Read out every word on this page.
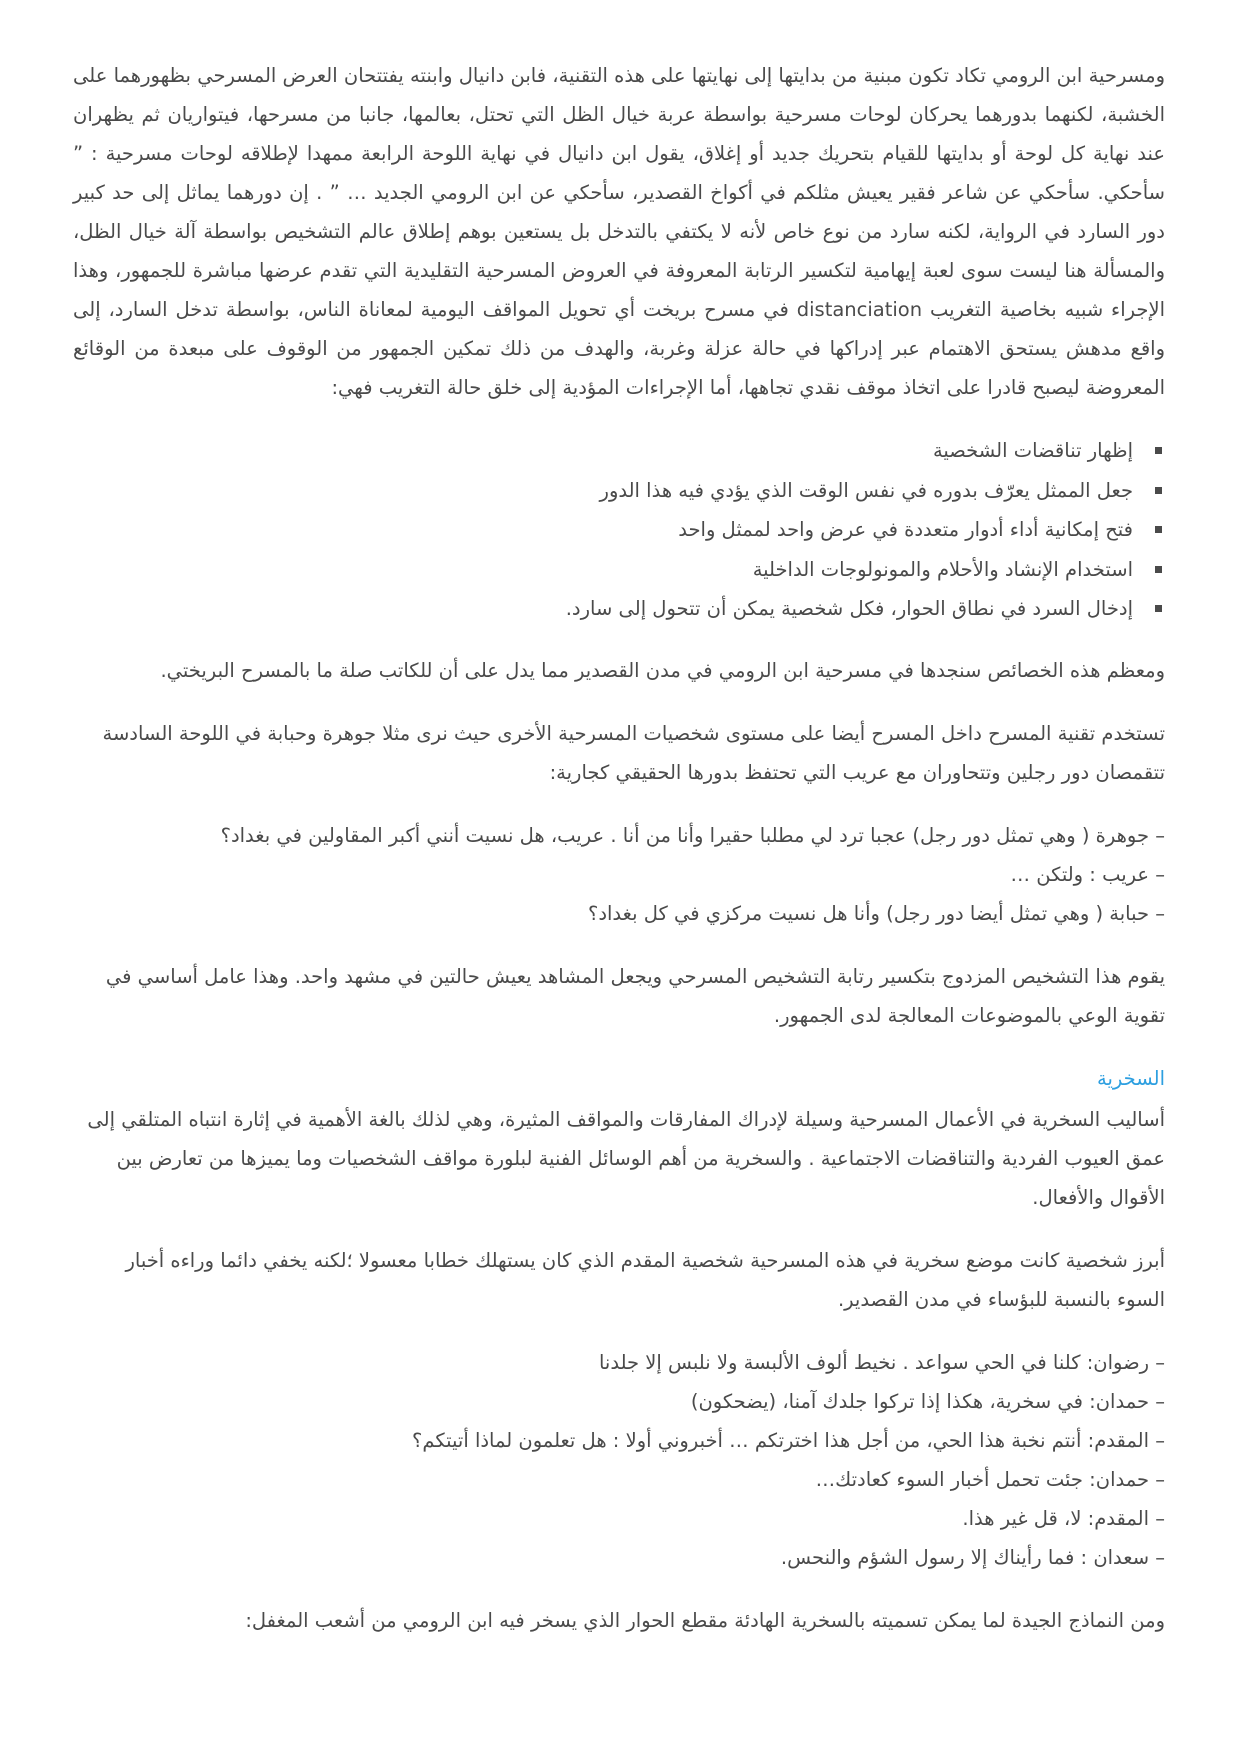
ومسرحية ابن الرومي تكاد تكون مبنية من بدايتها إلى نهايتها على هذه التقنية، فابن دانيال وابنته يفتتحان العرض المسرحي بظهورهما على الخشبة، لكنهما بدورهما يحركان لوحات مسرحية بواسطة عربة خيال الظل التي تحتل، بعالمها، جانبا من مسرحها، فيتواريان ثم يظهران عند نهاية كل لوحة أو بدايتها للقيام بتحريك جديد أو إغلاق، يقول ابن دانيال في نهاية اللوحة الرابعة ممهدا لإطلاقه لوحات مسرحية : ” سأحكي. سأحكي عن شاعر فقير يعيش مثلكم في أكواخ القصدير، سأحكي عن ابن الرومي الجديد … ” . إن دورهما يماثل إلى حد كبير دور السارد في الرواية، لكنه سارد من نوع خاص لأنه لا يكتفي بالتدخل بل يستعين بوهم إطلاق عالم التشخيص بواسطة آلة خيال الظل، والمسألة هنا ليست سوى لعبة إيهامية لتكسير الرتابة المعروفة في العروض المسرحية التقليدية التي تقدم عرضها مباشرة للجمهور، وهذا الإجراء شبيه بخاصية التغريب distanciation في مسرح بريخت أي تحويل المواقف اليومية لمعاناة الناس، بواسطة تدخل السارد، إلى واقع مدهش يستحق الاهتمام عبر إدراكها في حالة عزلة وغربة، والهدف من ذلك تمكين الجمهور من الوقوف على مبعدة من الوقائع المعروضة ليصبح قادرا على اتخاذ موقف نقدي تجاهها، أما الإجراءات المؤدية إلى خلق حالة التغريب فهي:

إظهار تناقضات الشخصية
جعل الممثل يعرّف بدوره في نفس الوقت الذي يؤدي فيه هذا الدور
فتح إمكانية أداء أدوار متعددة في عرض واحد لممثل واحد
استخدام الإنشاد والأحلام والمونولوجات الداخلية
إدخال السرد في نطاق الحوار، فكل شخصية يمكن أن تتحول إلى سارد.

ومعظم هذه الخصائص سنجدها في مسرحية ابن الرومي في مدن القصدير مما يدل على أن للكاتب صلة ما بالمسرح البريختي.

تستخدم تقنية المسرح داخل المسرح أيضا على مستوى شخصيات المسرحية الأخرى حيث نرى مثلا جوهرة وحبابة في اللوحة السادسة تتقمصان دور رجلين وتتحاوران مع عريب التي تحتفظ بدورها الحقيقي كجارية:

– جوهرة ( وهي تمثل دور رجل) عجبا ترد لي مطلبا حقيرا وأنا من أنا . عريب، هل نسيت أنني أكبر المقاولين في بغداد؟
– عريب : ولتكن …
– حبابة ( وهي تمثل أيضا دور رجل) وأنا هل نسيت مركزي في كل بغداد؟

يقوم هذا التشخيص المزدوج بتكسير رتابة التشخيص المسرحي ويجعل المشاهد يعيش حالتين في مشهد واحد. وهذا عامل أساسي في تقوية الوعي بالموضوعات المعالجة لدى الجمهور.

السخرية

أساليب السخرية في الأعمال المسرحية وسيلة لإدراك المفارقات والمواقف المثيرة، وهي لذلك بالغة الأهمية في إثارة انتباه المتلقي إلى عمق العيوب الفردية والتناقضات الاجتماعية . والسخرية من أهم الوسائل الفنية لبلورة مواقف الشخصيات وما يميزها من تعارض بين الأقوال والأفعال.

أبرز شخصية كانت موضع سخرية في هذه المسرحية شخصية المقدم الذي كان يستهلك خطابا معسولا ؛لكنه يخفي دائما وراءه أخبار السوء بالنسبة للبؤساء في مدن القصدير.

– رضوان: كلنا في الحي سواعد . نخيط ألوف الألبسة ولا نلبس إلا جلدنا
– حمدان: في سخرية، هكذا إذا تركوا جلدك آمنا، (يضحكون)
– المقدم: أنتم نخبة هذا الحي، من أجل هذا اخترتكم … أخبروني أولا : هل تعلمون لماذا أتيتكم؟
– حمدان: جئت تحمل أخبار السوء كعادتك…
– المقدم: لا، قل غير هذا.
– سعدان : فما رأيناك إلا رسول الشؤم والنحس.

ومن النماذج الجيدة لما يمكن تسميته بالسخرية الهادئة مقطع الحوار الذي يسخر فيه ابن الرومي من أشعب المغفل:
